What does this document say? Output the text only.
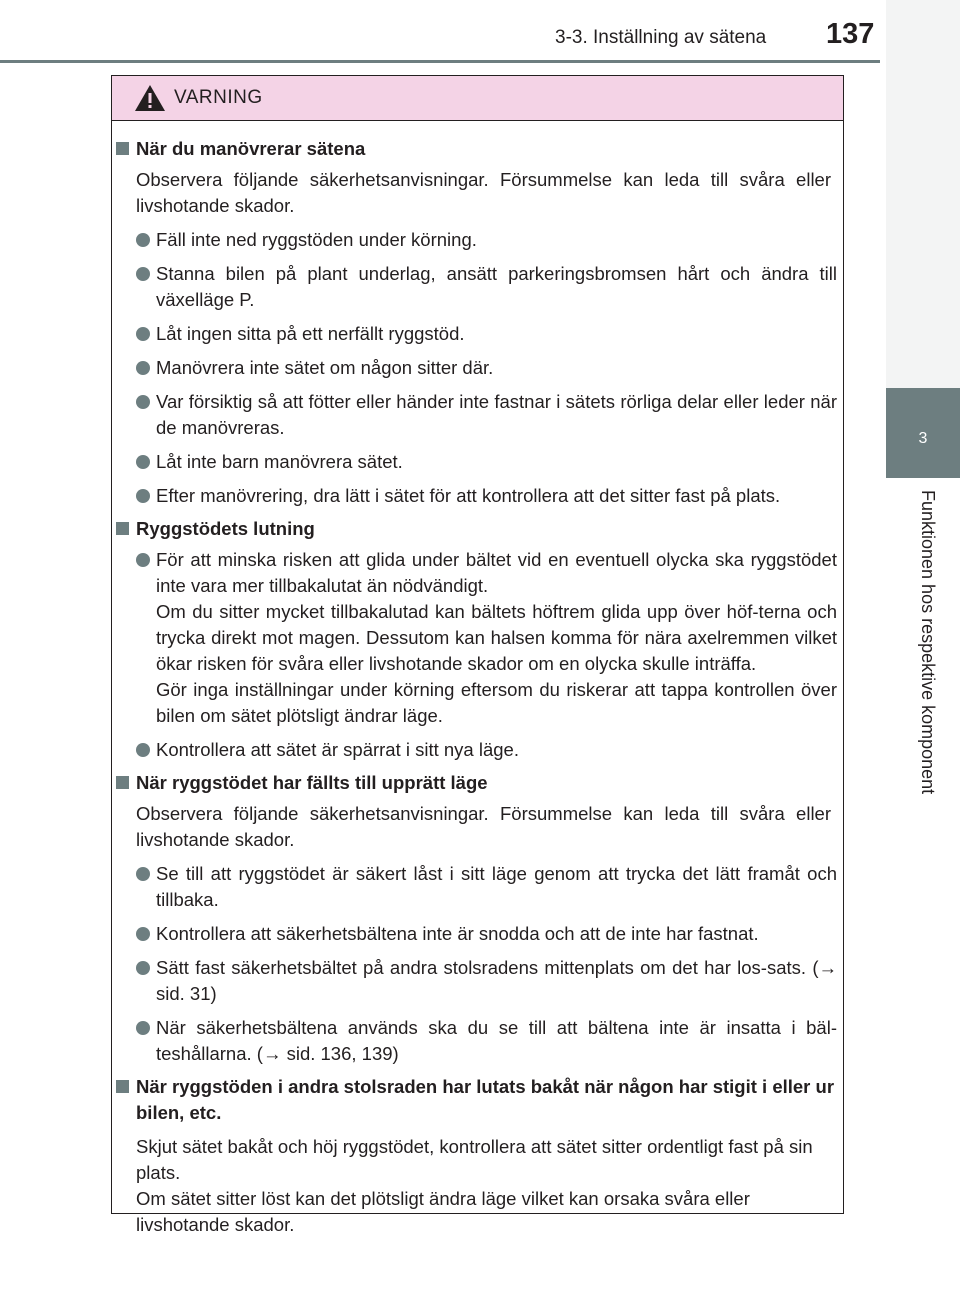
3-3. Inställning av sätena 137
3
Funktionen hos respektive komponent
VARNING
När du manövrerar sätena
Observera följande säkerhetsanvisningar. Försummelse kan leda till svåra eller livshotande skador.
Fäll inte ned ryggstöden under körning.
Stanna bilen på plant underlag, ansätt parkeringsbromsen hårt och ändra till växelläge P.
Låt ingen sitta på ett nerfällt ryggstöd.
Manövrera inte sätet om någon sitter där.
Var försiktig så att fötter eller händer inte fastnar i sätets rörliga delar eller leder när de manövreras.
Låt inte barn manövrera sätet.
Efter manövrering, dra lätt i sätet för att kontrollera att det sitter fast på plats.
Ryggstödets lutning
För att minska risken att glida under bältet vid en eventuell olycka ska ryggstödet inte vara mer tillbakalutat än nödvändigt.
Om du sitter mycket tillbakalutad kan bältets höftrem glida upp över höf-terna och trycka direkt mot magen. Dessutom kan halsen komma för nära axelremmen vilket ökar risken för svåra eller livshotande skador om en olycka skulle inträffa.
Gör inga inställningar under körning eftersom du riskerar att tappa kontrollen över bilen om sätet plötsligt ändrar läge.
Kontrollera att sätet är spärrat i sitt nya läge.
När ryggstödet har fällts till upprätt läge
Observera följande säkerhetsanvisningar. Försummelse kan leda till svåra eller livshotande skador.
Se till att ryggstödet är säkert låst i sitt läge genom att trycka det lätt framåt och tillbaka.
Kontrollera att säkerhetsbältena inte är snodda och att de inte har fastnat.
Sätt fast säkerhetsbältet på andra stolsradens mittenplats om det har los-sats. (→ sid. 31)
När säkerhetsbältena används ska du se till att bältena inte är insatta i bäl-teshållarna. (→ sid. 136, 139)
När ryggstöden i andra stolsraden har lutats bakåt när någon har stigit i eller ur bilen, etc.
Skjut sätet bakåt och höj ryggstödet, kontrollera att sätet sitter ordentligt fast på sin plats.
Om sätet sitter löst kan det plötsligt ändra läge vilket kan orsaka svåra eller livshotande skador.
